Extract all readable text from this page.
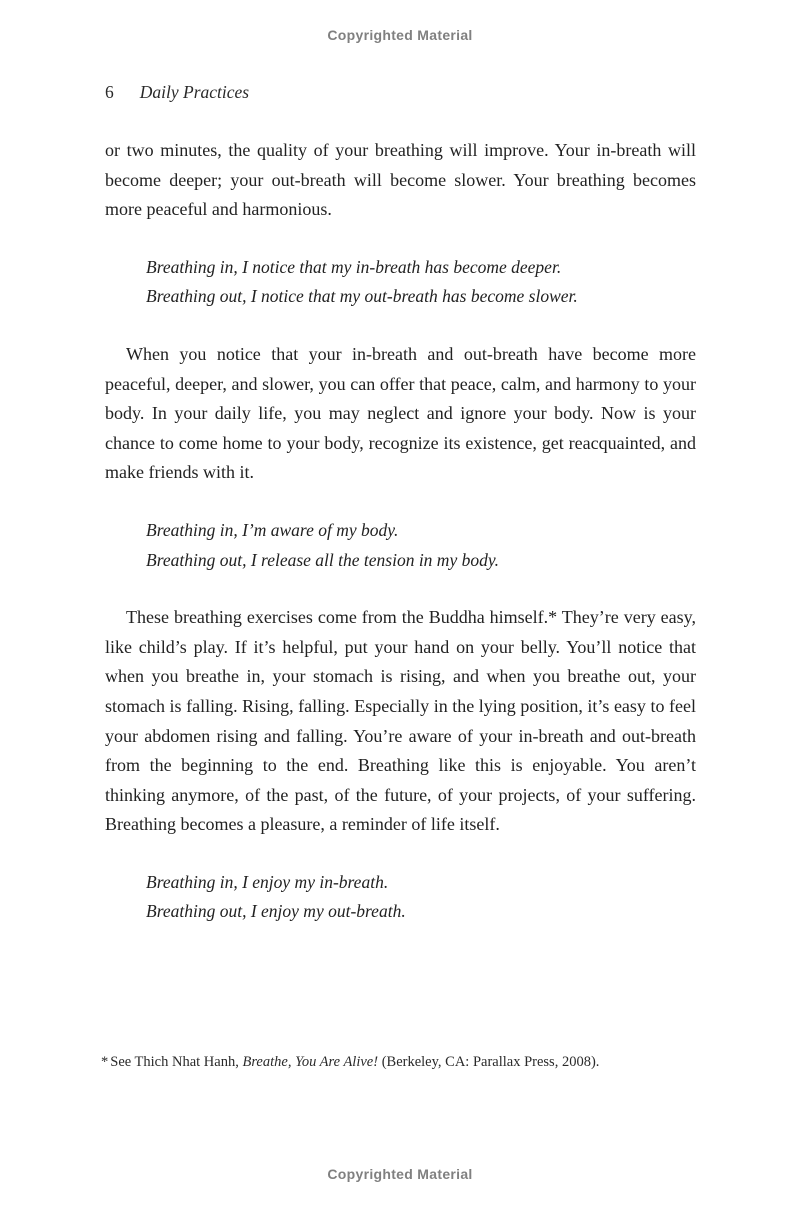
Copyrighted Material
6 Daily Practices

or two minutes, the quality of your breathing will improve. Your in-breath will become deeper; your out-breath will become slower. Your breathing becomes more peaceful and harmonious.

Breathing in, I notice that my in-breath has become deeper.
Breathing out, I notice that my out-breath has become slower.

When you notice that your in-breath and out-breath have become more peaceful, deeper, and slower, you can offer that peace, calm, and harmony to your body. In your daily life, you may neglect and ignore your body. Now is your chance to come home to your body, recognize its existence, get reacquainted, and make friends with it.

Breathing in, I’m aware of my body.
Breathing out, I release all the tension in my body.

These breathing exercises come from the Buddha himself.* They’re very easy, like child’s play. If it’s helpful, put your hand on your belly. You’ll notice that when you breathe in, your stomach is rising, and when you breathe out, your stomach is falling. Rising, falling. Especially in the lying position, it’s easy to feel your abdomen rising and falling. You’re aware of your in-breath and out-breath from the beginning to the end. Breathing like this is enjoyable. You aren’t thinking anymore, of the past, of the future, of your projects, of your suffering. Breathing becomes a pleasure, a reminder of life itself.

Breathing in, I enjoy my in-breath.
Breathing out, I enjoy my out-breath.
* See Thich Nhat Hanh, Breathe, You Are Alive! (Berkeley, CA: Parallax Press, 2008).
Copyrighted Material
